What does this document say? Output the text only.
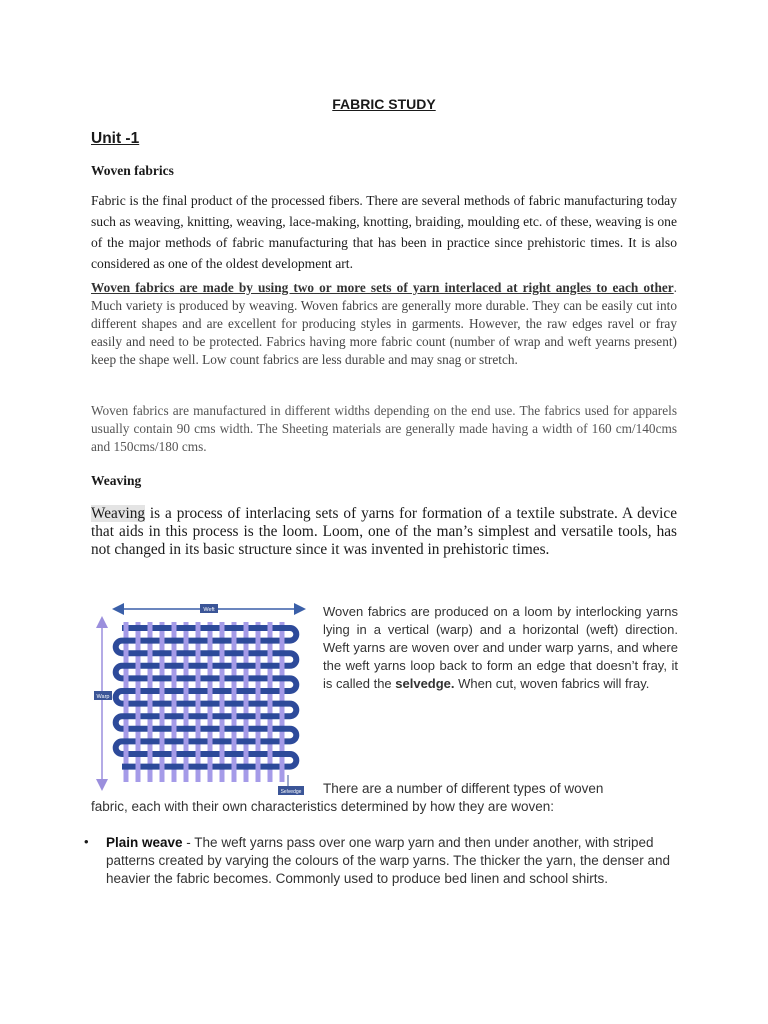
FABRIC STUDY
Unit -1
Woven fabrics
Fabric is the final product of the processed fibers. There are several methods of fabric manufacturing today such as weaving, knitting, weaving, lace-making, knotting, braiding, moulding etc. of these, weaving is one of the major methods of fabric manufacturing that has been in practice since prehistoric times. It is also considered as one of the oldest development art.
Woven fabrics are made by using two or more sets of yarn interlaced at right angles to each other. Much variety is produced by weaving. Woven fabrics are generally more durable. They can be easily cut into different shapes and are excellent for producing styles in garments. However, the raw edges ravel or fray easily and need to be protected. Fabrics having more fabric count (number of wrap and weft yearns present) keep the shape well. Low count fabrics are less durable and may snag or stretch.
Woven fabrics are manufactured in different widths depending on the end use. The fabrics used for apparels usually contain 90 cms width. The Sheeting materials are generally made having a width of 160 cm/140cms and 150cms/180 cms.
Weaving
Weaving is a process of interlacing sets of yarns for formation of a textile substrate. A device that aids in this process is the loom. Loom, one of the man’s simplest and versatile tools, has not changed in its basic structure since it was invented in prehistoric times.
Weft
Warp
Selvedge
Woven fabrics are produced on a loom by interlocking yarns lying in a vertical (warp) and a horizontal (weft) direction. Weft yarns are woven over and under warp yarns, and where the weft yarns loop back to form an edge that doesn’t fray, it is called the selvedge. When cut, woven fabrics will fray.
There are a number of different types of woven
fabric, each with their own characteristics determined by how they are woven:
• Plain weave - The weft yarns pass over one warp yarn and then under another, with striped patterns created by varying the colours of the warp yarns. The thicker the yarn, the denser and heavier the fabric becomes. Commonly used to produce bed linen and school shirts.
